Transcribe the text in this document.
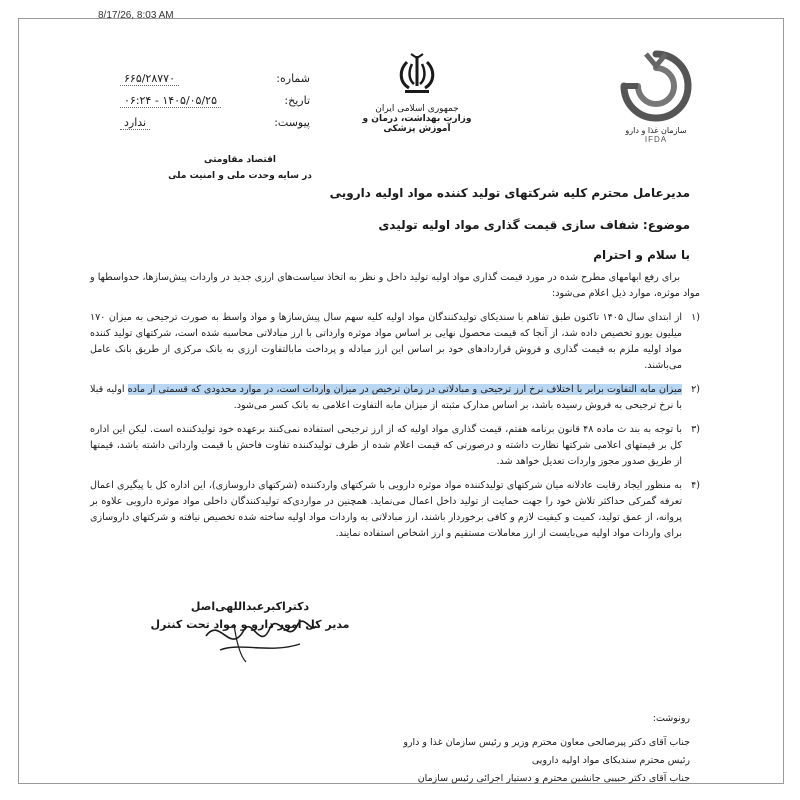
8/17/26, 8:03 AM
۶۶۵/۲۸۷۷۰	شماره:
۱۴۰۵/۰۵/۲۵ - ۰۶:۲۴	تاریخ:
ندارد	پیوست:
اقتصاد مقاومتی
در سایه وحدت ملی و امنیت ملی
جمهوری اسلامی ایران
وزارت بهداشت، درمان و آموزش پزشکی	سازمان غذا و دارو
IFDA
مدیرعامل محترم کلیه شرکتهای تولید کننده مواد اولیه دارویی
موضوع: شفاف سازی قیمت گذاری مواد اولیه تولیدی
با سلام و احترام

برای رفع ابهامهای مطرح شده در مورد قیمت گذاری مواد اولیه تولید داخل و نظر به اتخاذ سیاست‌های ارزی جدید در واردات پیش‌سازها، حدواسطها و مواد موثره، موارد ذیل اعلام می‌شود:

(۱
از ابتدای سال ۱۴۰۵ تاکنون طبق تفاهم با سندیکای تولیدکنندگان مواد اولیه کلیه سهم سال پیش‌سازها و مواد واسط به صورت ترجیحی به میزان ۱۷۰ میلیون یورو تخصیص داده شد، از آنجا که قیمت محصول نهایی بر اساس مواد موثره وارداتی با ارز مبادلاتی محاسبه شده است، شرکتهای تولید کننده مواد اولیه ملزم به قیمت گذاری و فروش قراردادهای خود بر اساس این ارز مبادله و پرداخت مابالتفاوت ارزی به بانک مرکزی از طریق بانک عامل می‌باشند.
(۲
میزان مابه التفاوت برابر با اختلاف نرخ ارز ترجیحی و مبادلاتی در زمان ترخیص در میزان واردات است، در موارد محدودی که قسمتی از ماده اولیه قبلا با نرخ ترجیحی به فروش رسیده باشد، بر اساس مدارک مثبته از میزان مابه التفاوت اعلامی به بانک کسر می‌شود.
(۳
با توجه به بند ث ماده ۴۸ قانون برنامه هفتم، قیمت گذاری مواد اولیه که از ارز ترجیحی استفاده نمی‌کنند برعهده خود تولیدکننده است. لیکن این اداره کل بر قیمتهای اعلامی شرکتها نظارت داشته و درصورتی که قیمت اعلام شده از طرف تولیدکننده تفاوت فاحش با قیمت وارداتی داشته باشد، قیمتها از طریق صدور مجوز واردات تعدیل خواهد شد.
(۴
به منظور ایجاد رقابت عادلانه میان شرکتهای تولیدکننده مواد موثره دارویی با شرکتهای واردکننده (شرکتهای داروسازی)، این اداره کل با پیگیری اعمال تعرفه گمرکی حداکثر تلاش خود را جهت حمایت از تولید داخل اعمال می‌نماید. همچنین در مواردی‌که تولیدکنندگان داخلی مواد موثره دارویی علاوه بر پروانه، از عمق تولید، کمیت و کیفیت لازم و کافی برخوردار باشند، ارز مبادلاتی به واردات مواد اولیه ساخته شده تخصیص نیافته و شرکتهای داروسازی برای واردات مواد اولیه می‌بایست از ارز معاملات مستقیم و ارز اشخاص استفاده نمایند.
دکتراکبرعبداللهی‌اصل
مدیر کل امور دارو و مواد تحت کنترل
رونوشت:
جناب آقای دکتر پیرصالحی معاون محترم وزیر و رئیس سازمان غذا و دارو
رئیس محترم سندیکای مواد اولیه دارویی
جناب آقای دکتر حبیبی جانشین محترم و دستیار اجرائی رئیس سازمان
